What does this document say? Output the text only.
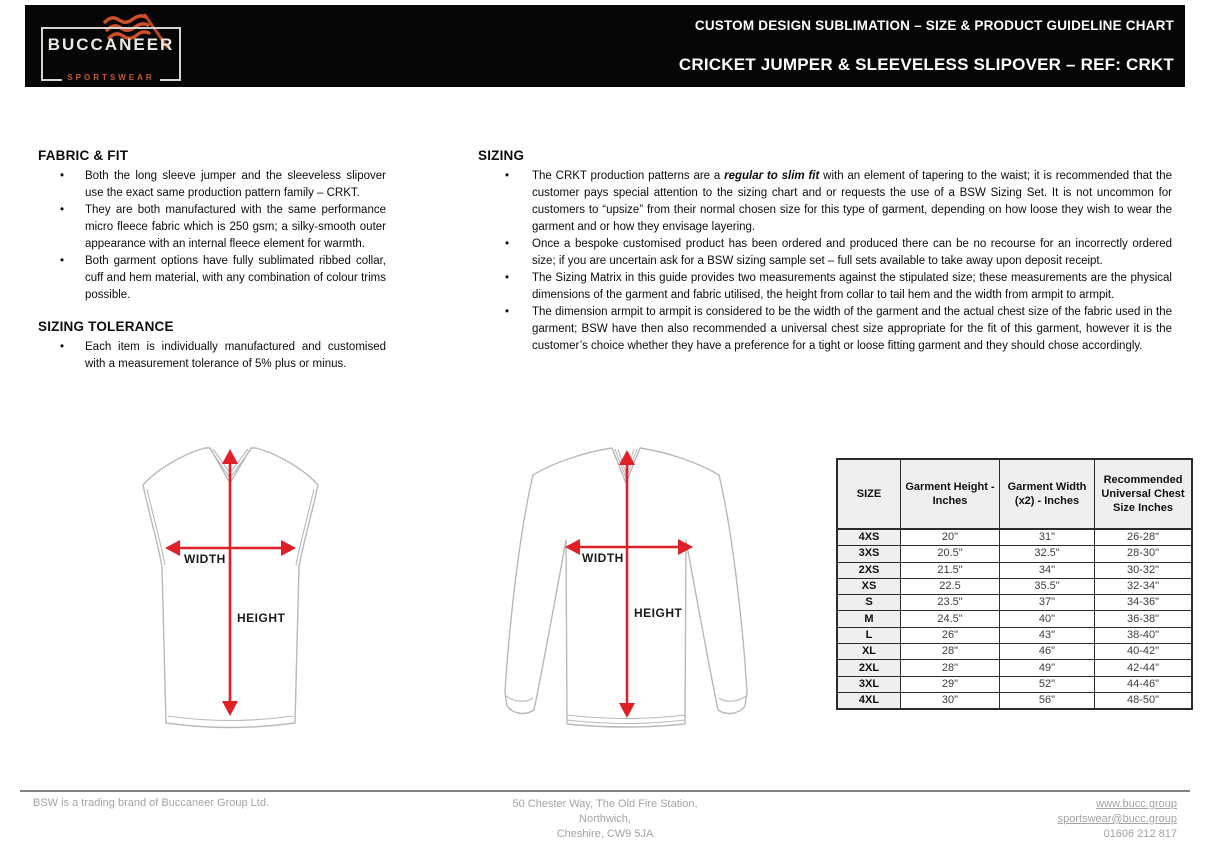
BUCCANEER
SPORTSWEAR
CUSTOM DESIGN SUBLIMATION – SIZE & PRODUCT GUIDELINE CHART
CRICKET JUMPER & SLEEVELESS SLIPOVER – REF: CRKT
FABRIC & FIT
•	Both the long sleeve jumper and the sleeveless slipover use the exact same production pattern family – CRKT.
•	They are both manufactured with the same performance micro fleece fabric which is 250 gsm; a silky-smooth outer appearance with an internal fleece element for warmth.
•	Both garment options have fully sublimated ribbed collar, cuff and hem material, with any combination of colour trims possible.
SIZING TOLERANCE
•	Each item is individually manufactured and customised with a measurement tolerance of 5% plus or minus.
SIZING
•	The CRKT production patterns are a regular to slim fit with an element of tapering to the waist; it is recommended that the customer pays special attention to the sizing chart and or requests the use of a BSW Sizing Set. It is not uncommon for customers to “upsize” from their normal chosen size for this type of garment, depending on how loose they wish to wear the garment and or how they envisage layering.
•	Once a bespoke customised product has been ordered and produced there can be no recourse for an incorrectly ordered size; if you are uncertain ask for a BSW sizing sample set – full sets available to take away upon deposit receipt.
•	The Sizing Matrix in this guide provides two measurements against the stipulated size; these measurements are the physical dimensions of the garment and fabric utilised, the height from collar to tail hem and the width from armpit to armpit.
•	The dimension armpit to armpit is considered to be the width of the garment and the actual chest size of the fabric used in the garment; BSW have then also recommended a universal chest size appropriate for the fit of this garment, however it is the customer’s choice whether they have a preference for a tight or loose fitting garment and they should chose accordingly.
WIDTH
HEIGHT
WIDTH
HEIGHT
SIZE	Garment Height - Inches	Garment Width (x2) - Inches	Recommended Universal Chest Size Inches
4XS	20"	31"	26-28"
3XS	20.5"	32.5"	28-30"
2XS	21.5"	34"	30-32"
XS	22.5	35.5"	32-34"
S	23.5"	37"	34-36"
M	24.5"	40"	36-38"
L	26"	43"	38-40"
XL	28"	46"	40-42"
2XL	28"	49"	42-44"
3XL	29"	52"	44-46"
4XL	30"	56"	48-50"
BSW is a trading brand of Buccaneer Group Ltd.	50 Chester Way, The Old Fire Station,
Northwich,
Cheshire, CW9 5JA
www.bucc.group
sportswear@bucc.group
01606 212 817
